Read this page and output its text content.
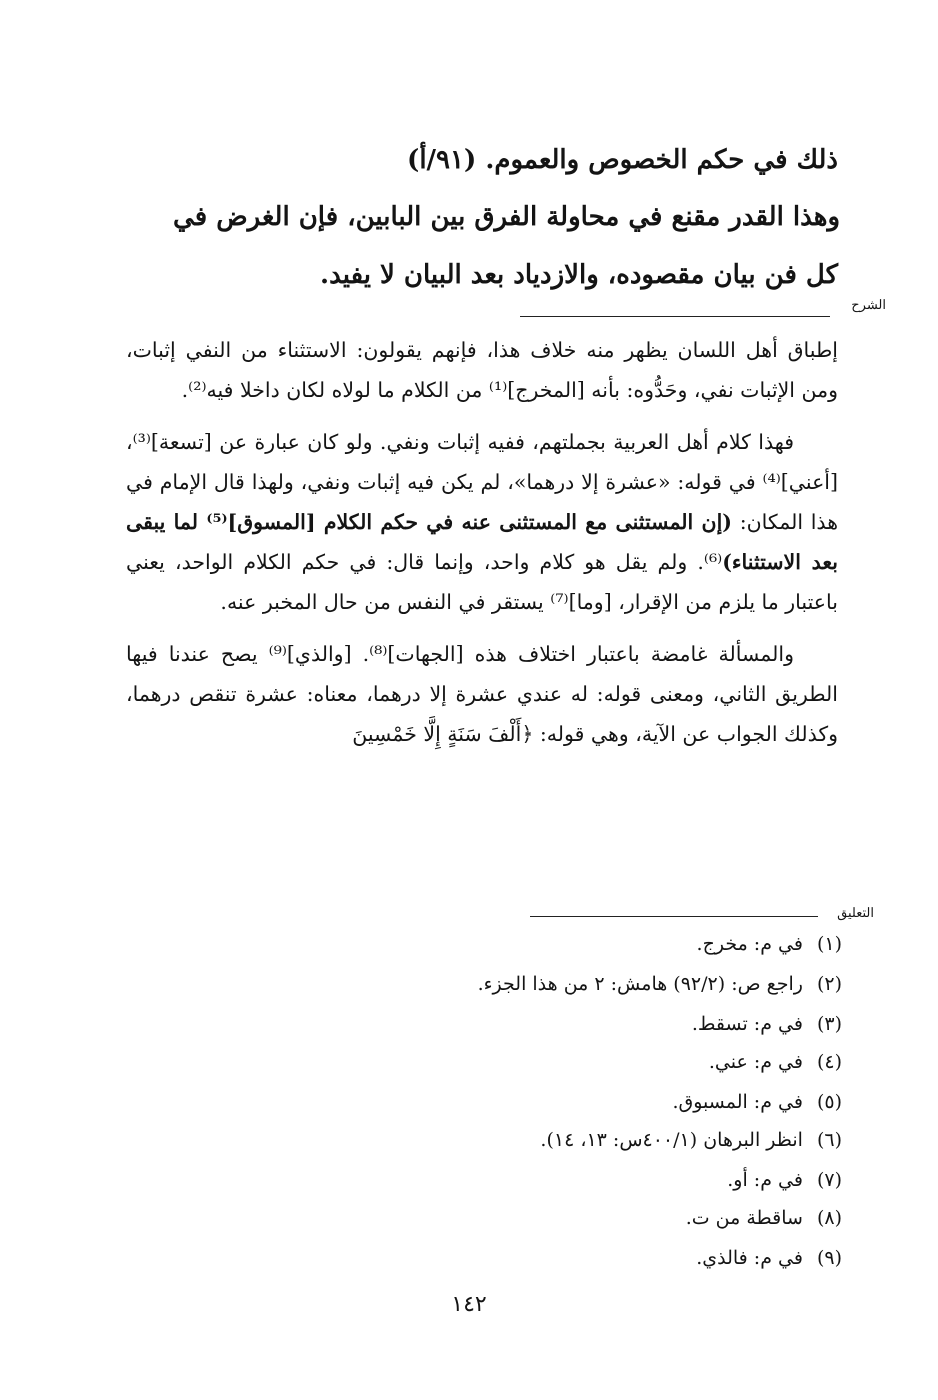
ذلك في حكم الخصوص والعموم. (٩١/أ)
وهذا القدر مقنع في محاولة الفرق بين البابين، فإن الغرض في
كل فن بيان مقصوده، والازدياد بعد البيان لا يفيد.
الشرح

إطباق أهل اللسان يظهر منه خلاف هذا، فإنهم يقولون: الاستثناء من النفي إثبات، ومن الإثبات نفي، وحَدُّوه: بأنه [المخرج]⁽¹⁾ من الكلام ما لولاه لكان داخلا فيه⁽²⁾.

فهذا كلام أهل العربية بجملتهم، ففيه إثبات ونفي. ولو كان عبارة عن [تسعة]⁽³⁾، [أعني]⁽⁴⁾ في قوله: «عشرة إلا درهما»، لم يكن فيه إثبات ونفي، ولهذا قال الإمام في هذا المكان: (إن المستثنى مع المستثنى عنه في حكم الكلام [المسوق]⁽⁵⁾ لما يبقى بعد الاستثناء)⁽⁶⁾. ولم يقل هو كلام واحد، وإنما قال: في حكم الكلام الواحد، يعني باعتبار ما يلزم من الإقرار، [وما]⁽⁷⁾ يستقر في النفس من حال المخبر عنه.

والمسألة غامضة باعتبار اختلاف هذه [الجهات]⁽⁸⁾. [والذي]⁽⁹⁾ يصح عندنا فيها الطريق الثاني، ومعنى قوله: له عندي عشرة إلا درهما، معناه: عشرة تنقص درهما، وكذلك الجواب عن الآية، وهي قوله: ﴿أَلْفَ سَنَةٍ إِلَّا خَمْسِينَ

التعليق
(١)
في م: مخرج.
(٢)
راجع ص: (٩٢/٢) هامش: ٢ من هذا الجزء.
(٣)
في م: تسقط.
(٤)
في م: عني.
(٥)
في م: المسبوق.
(٦)
انظر البرهان (٤٠٠/١س: ١٣، ١٤).
(٧)
في م: أو.
(٨)
ساقطة من ت.
(٩)
في م: فالذي.
١٤٢
